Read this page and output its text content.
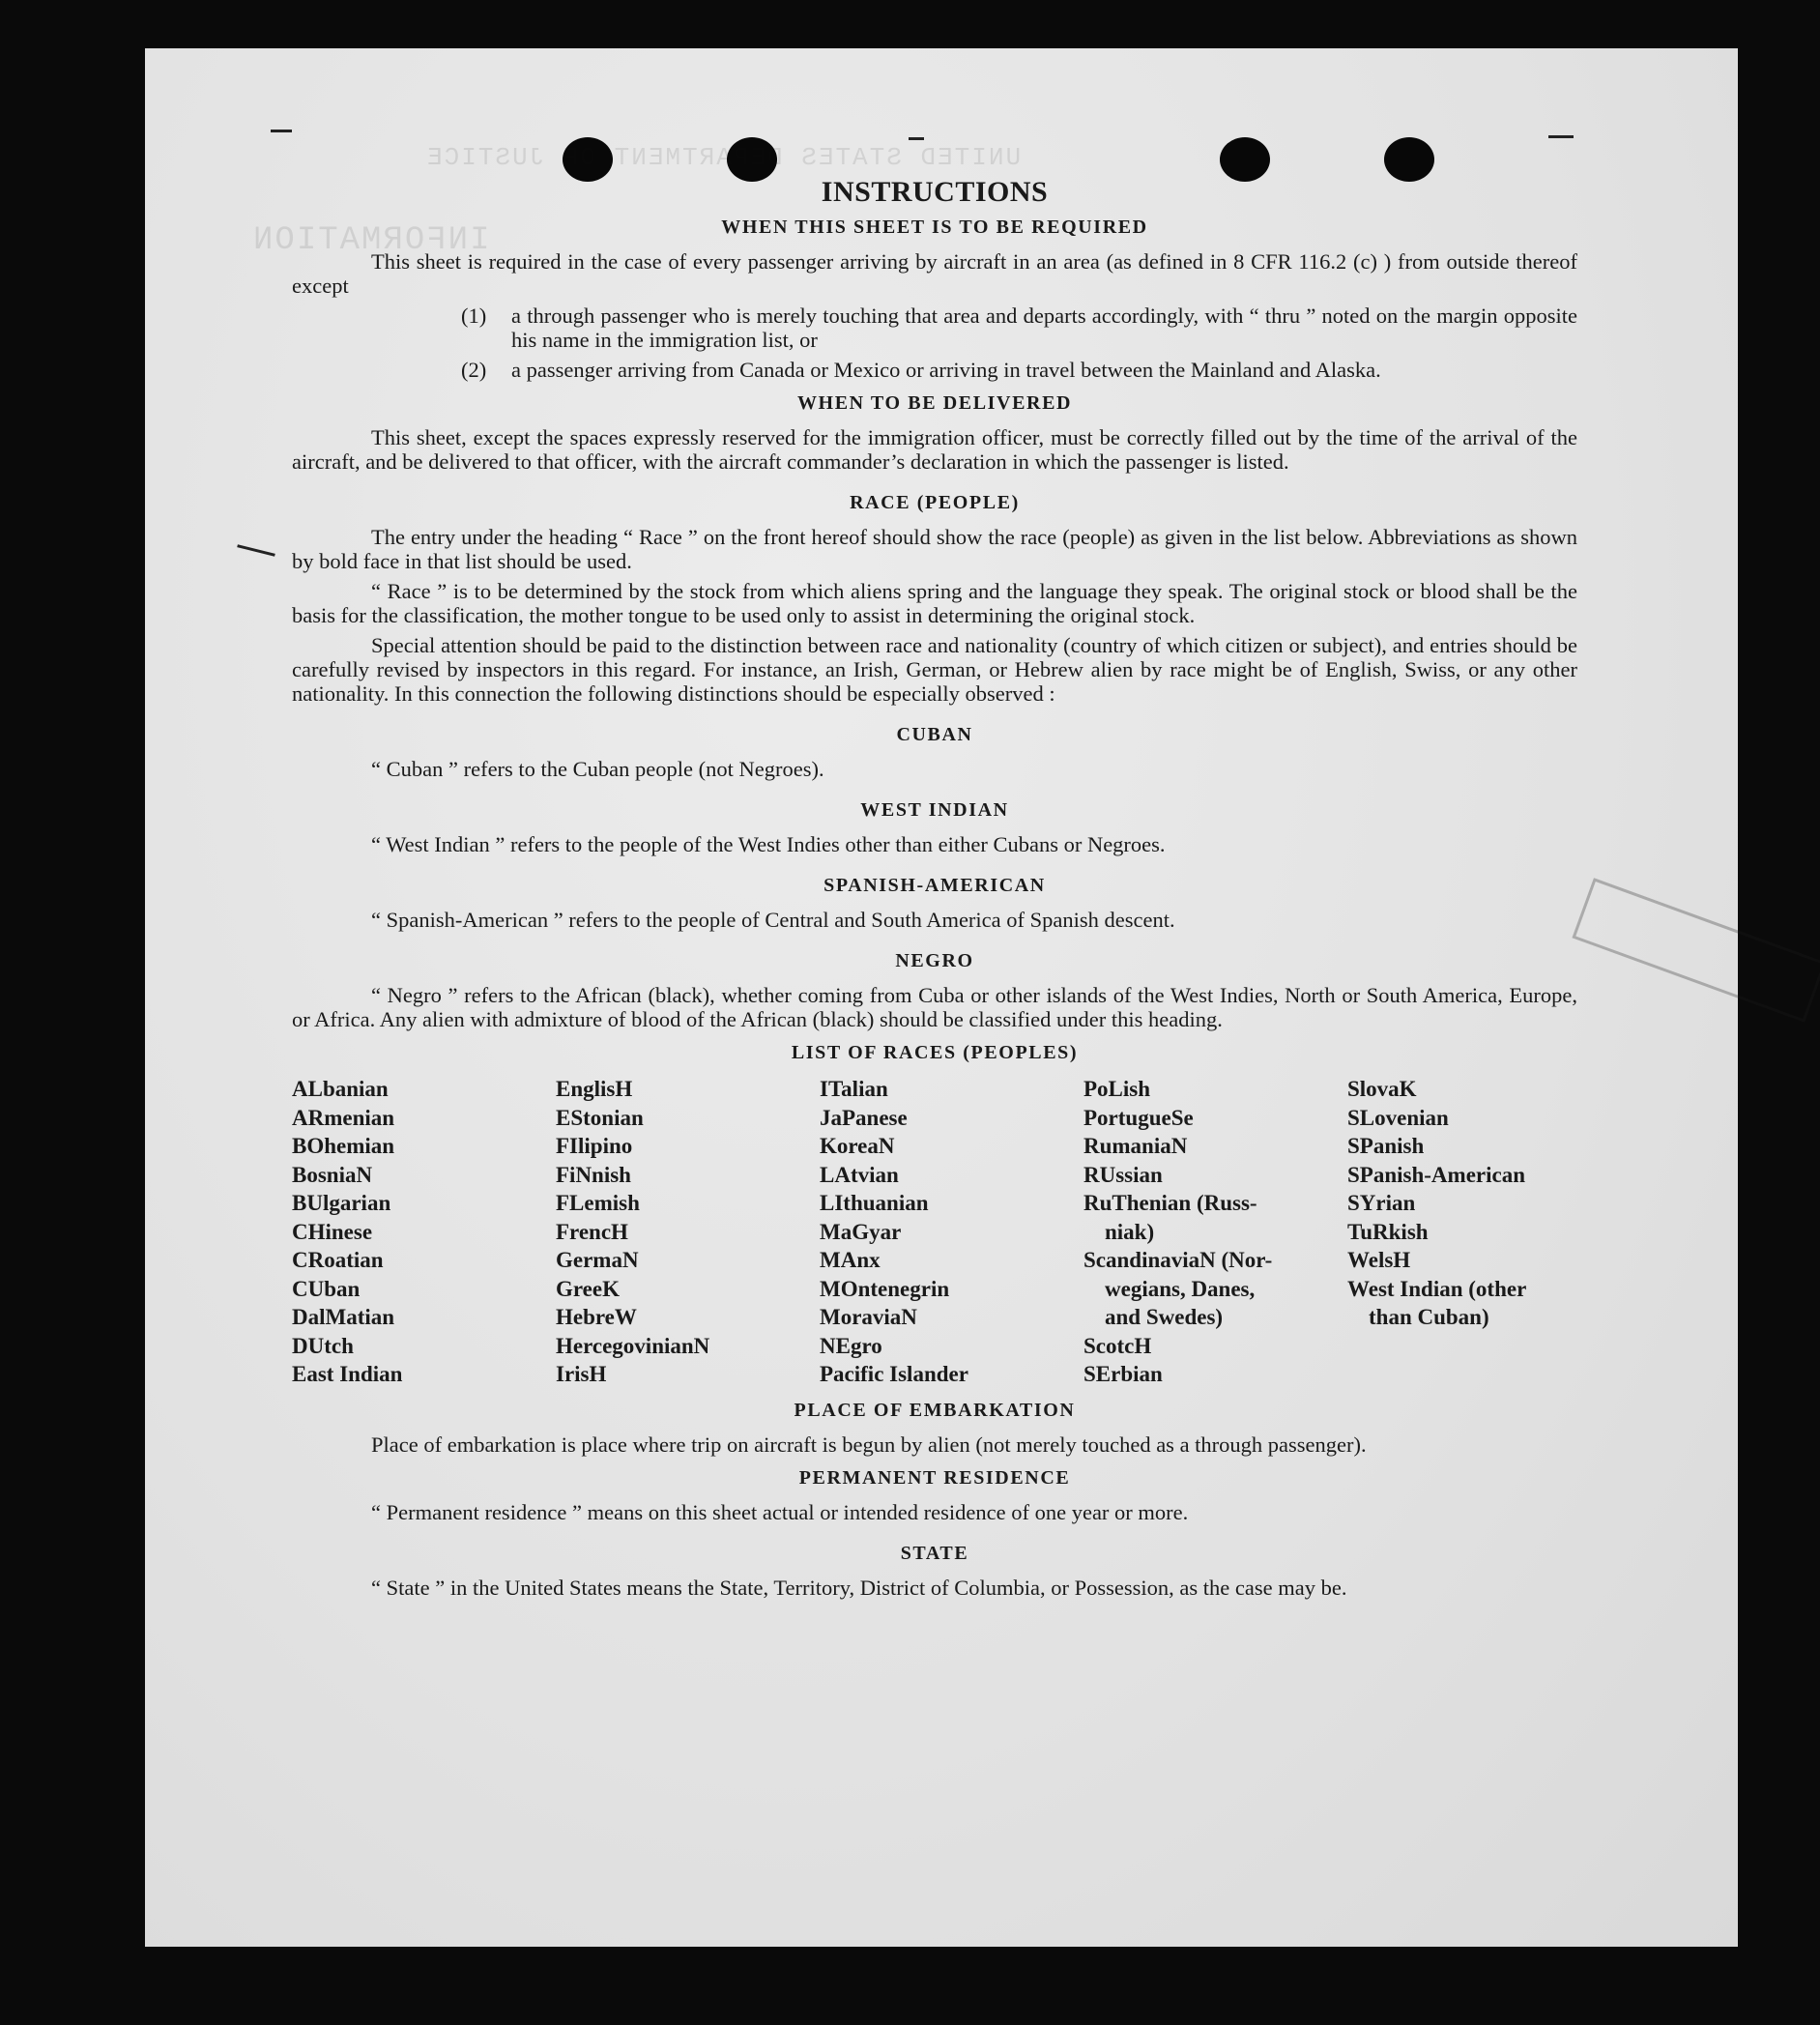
UNITED STATES DEPARTMENT OF JUSTICE
INFORMATION
INSTRUCTIONS
WHEN THIS SHEET IS TO BE REQUIRED

This sheet is required in the case of every passenger arriving by aircraft in an area (as defined in 8 CFR 116.2 (c) ) from outside thereof except

(1)	a through passenger who is merely touching that area and departs accordingly, with “ thru ” noted on the margin opposite his name in the immigration list, or
(2)	a passenger arriving from Canada or Mexico or arriving in travel between the Mainland and Alaska.
WHEN TO BE DELIVERED

This sheet, except the spaces expressly reserved for the immigration officer, must be correctly filled out by the time of the arrival of the aircraft, and be delivered to that officer, with the aircraft commander’s declaration in which the passenger is listed.

RACE (PEOPLE)

The entry under the heading “ Race ” on the front hereof should show the race (people) as given in the list below. Abbreviations as shown by bold face in that list should be used.

“ Race ” is to be determined by the stock from which aliens spring and the language they speak. The original stock or blood shall be the basis for the classification, the mother tongue to be used only to assist in determining the original stock.

Special attention should be paid to the distinction between race and nationality (country of which citizen or subject), and entries should be carefully revised by inspectors in this regard. For instance, an Irish, German, or Hebrew alien by race might be of English, Swiss, or any other nationality. In this connection the following distinctions should be especially observed :

CUBAN

“ Cuban ” refers to the Cuban people (not Negroes).

WEST INDIAN

“ West Indian ” refers to the people of the West Indies other than either Cubans or Negroes.

SPANISH-AMERICAN

“ Spanish-American ” refers to the people of Central and South America of Spanish descent.

NEGRO

“ Negro ” refers to the African (black), whether coming from Cuba or other islands of the West Indies, North or South America, Europe, or Africa. Any alien with admixture of blood of the African (black) should be classified under this heading.

LIST OF RACES (PEOPLES)
ALbanian
ARmenian
BOhemian
BosniaN
BUlgarian
CHinese
CRoatian
CUban
DalMatian
DUtch
East Indian
EnglisH
EStonian
FIlipino
FiNnish
FLemish
FrencH
GermaN
GreeK
HebreW
HercegovinianN
IrisH
ITalian
JaPanese
KoreaN
LAtvian
LIthuanian
MaGyar
MAnx
MOntenegrin
MoraviaN
NEgro
Pacific Islander
PoLish
PortugueSe
RumaniaN
RUssian
RuThenian (Russ-
niak)
ScandinaviaN (Nor-
wegians, Danes,
and Swedes)
ScotcH
SErbian
SlovaK
SLovenian
SPanish
SPanish-American
SYrian
TuRkish
WelsH
West Indian (other
than Cuban)
PLACE OF EMBARKATION

Place of embarkation is place where trip on aircraft is begun by alien (not merely touched as a through passenger).

PERMANENT RESIDENCE

“ Permanent residence ” means on this sheet actual or intended residence of one year or more.

STATE

“ State ” in the United States means the State, Territory, District of Columbia, or Possession, as the case may be.
